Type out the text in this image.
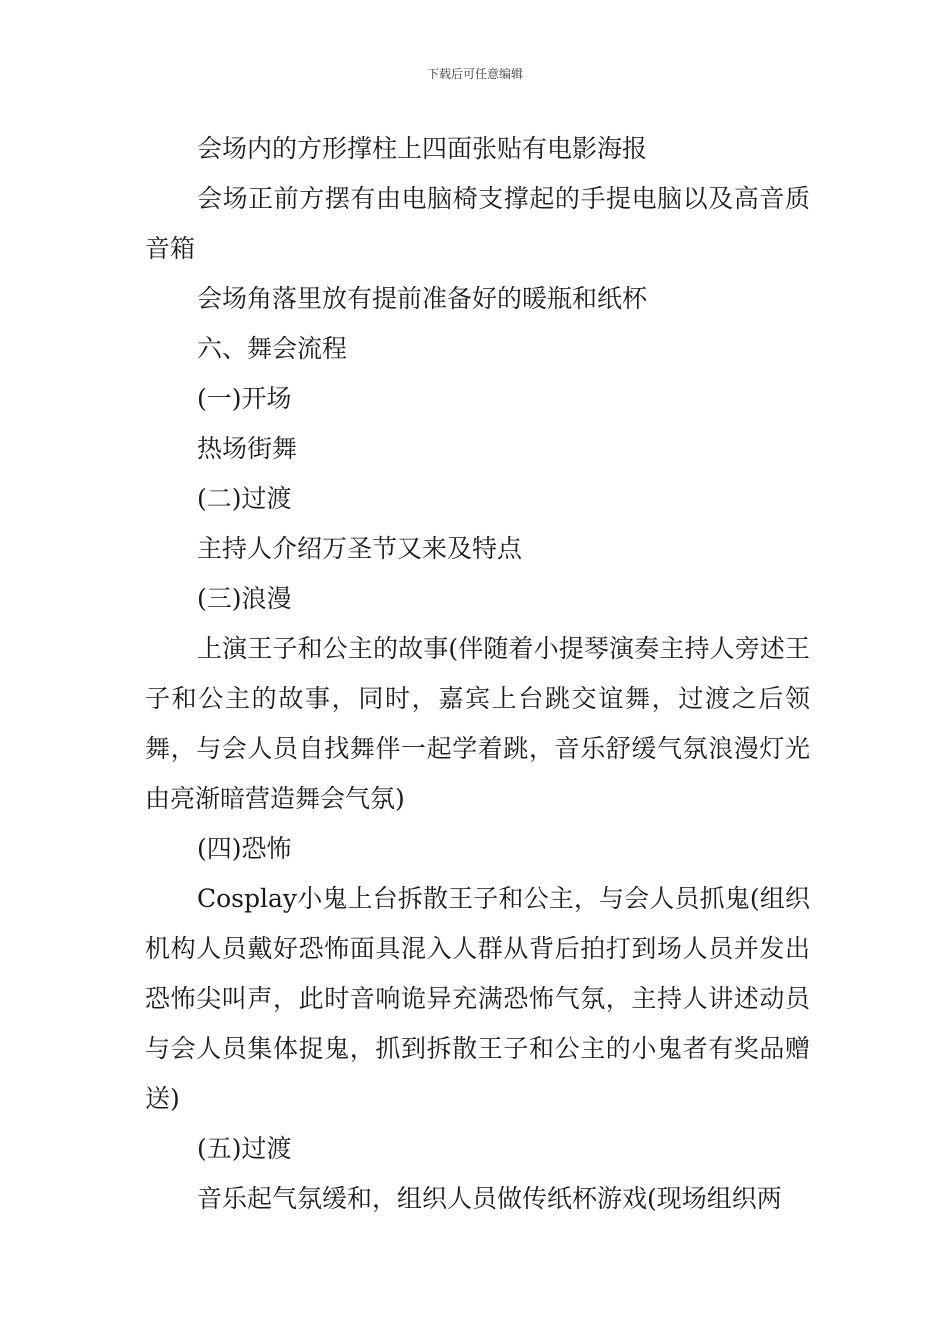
下载后可任意编辑

会场内的方形撑柱上四面张贴有电影海报

会场正前方摆有由电脑椅支撑起的手提电脑以及高音质音箱

会场角落里放有提前准备好的暖瓶和纸杯

六、舞会流程

(一)开场

热场街舞

(二)过渡

主持人介绍万圣节又来及特点

(三)浪漫

上演王子和公主的故事(伴随着小提琴演奏主持人旁述王子和公主的故事，同时，嘉宾上台跳交谊舞，过渡之后领舞，与会人员自找舞伴一起学着跳，音乐舒缓气氛浪漫灯光由亮渐暗营造舞会气氛)

(四)恐怖

Cosplay小鬼上台拆散王子和公主，与会人员抓鬼(组织机构人员戴好恐怖面具混入人群从背后拍打到场人员并发出恐怖尖叫声，此时音响诡异充满恐怖气氛，主持人讲述动员与会人员集体捉鬼，抓到拆散王子和公主的小鬼者有奖品赠送)

(五)过渡

音乐起气氛缓和，组织人员做传纸杯游戏(现场组织两
